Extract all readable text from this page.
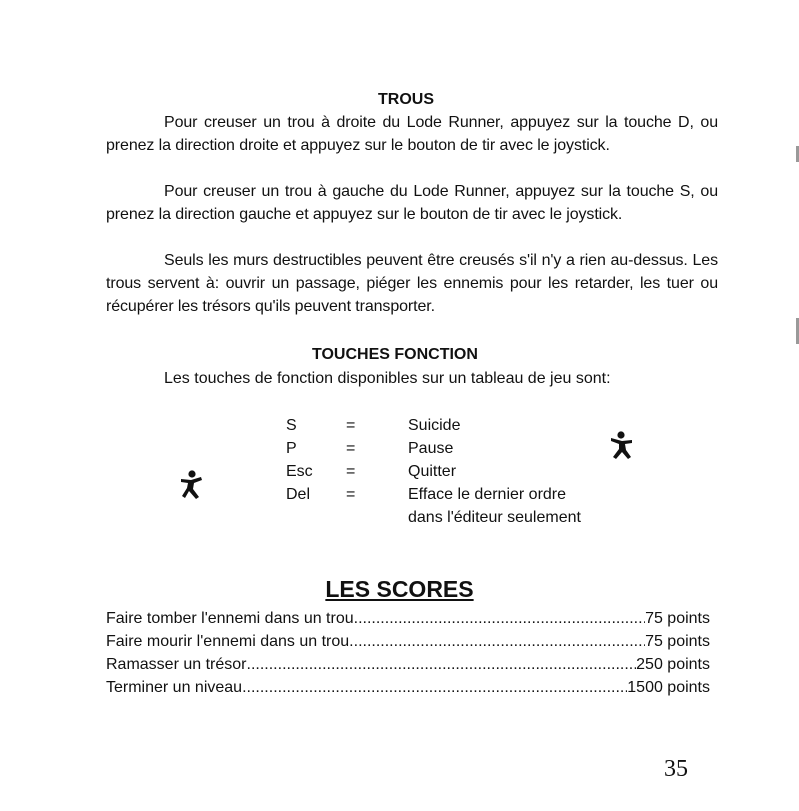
TROUS
Pour creuser un trou à droite du Lode Runner, appuyez sur la touche D, ou prenez la direction droite et appuyez sur le bouton de tir avec le joystick.
Pour creuser un trou à gauche du Lode Runner, appuyez sur la touche S, ou prenez la direction gauche et appuyez sur le bouton de tir avec le joystick.
Seuls les murs destructibles peuvent être creusés s'il n'y a rien au-dessus. Les trous servent à: ouvrir un passage, piéger les ennemis pour les retarder, les tuer ou récupérer les trésors qu'ils peuvent transporter.
TOUCHES FONCTION
Les touches de fonction disponibles sur un tableau de jeu sont:
S	=	Suicide
P	=	Pause
Esc =	Quitter
Del =	Efface le dernier ordre
dans l'éditeur seulement
LES SCORES
Faire tomber l'ennemi dans un trou .....	75 points
Faire mourir l'ennemi dans un trou .....	75 points
Ramasser un trésor .....	250 points
Terminer un niveau .....	1500 points
35
